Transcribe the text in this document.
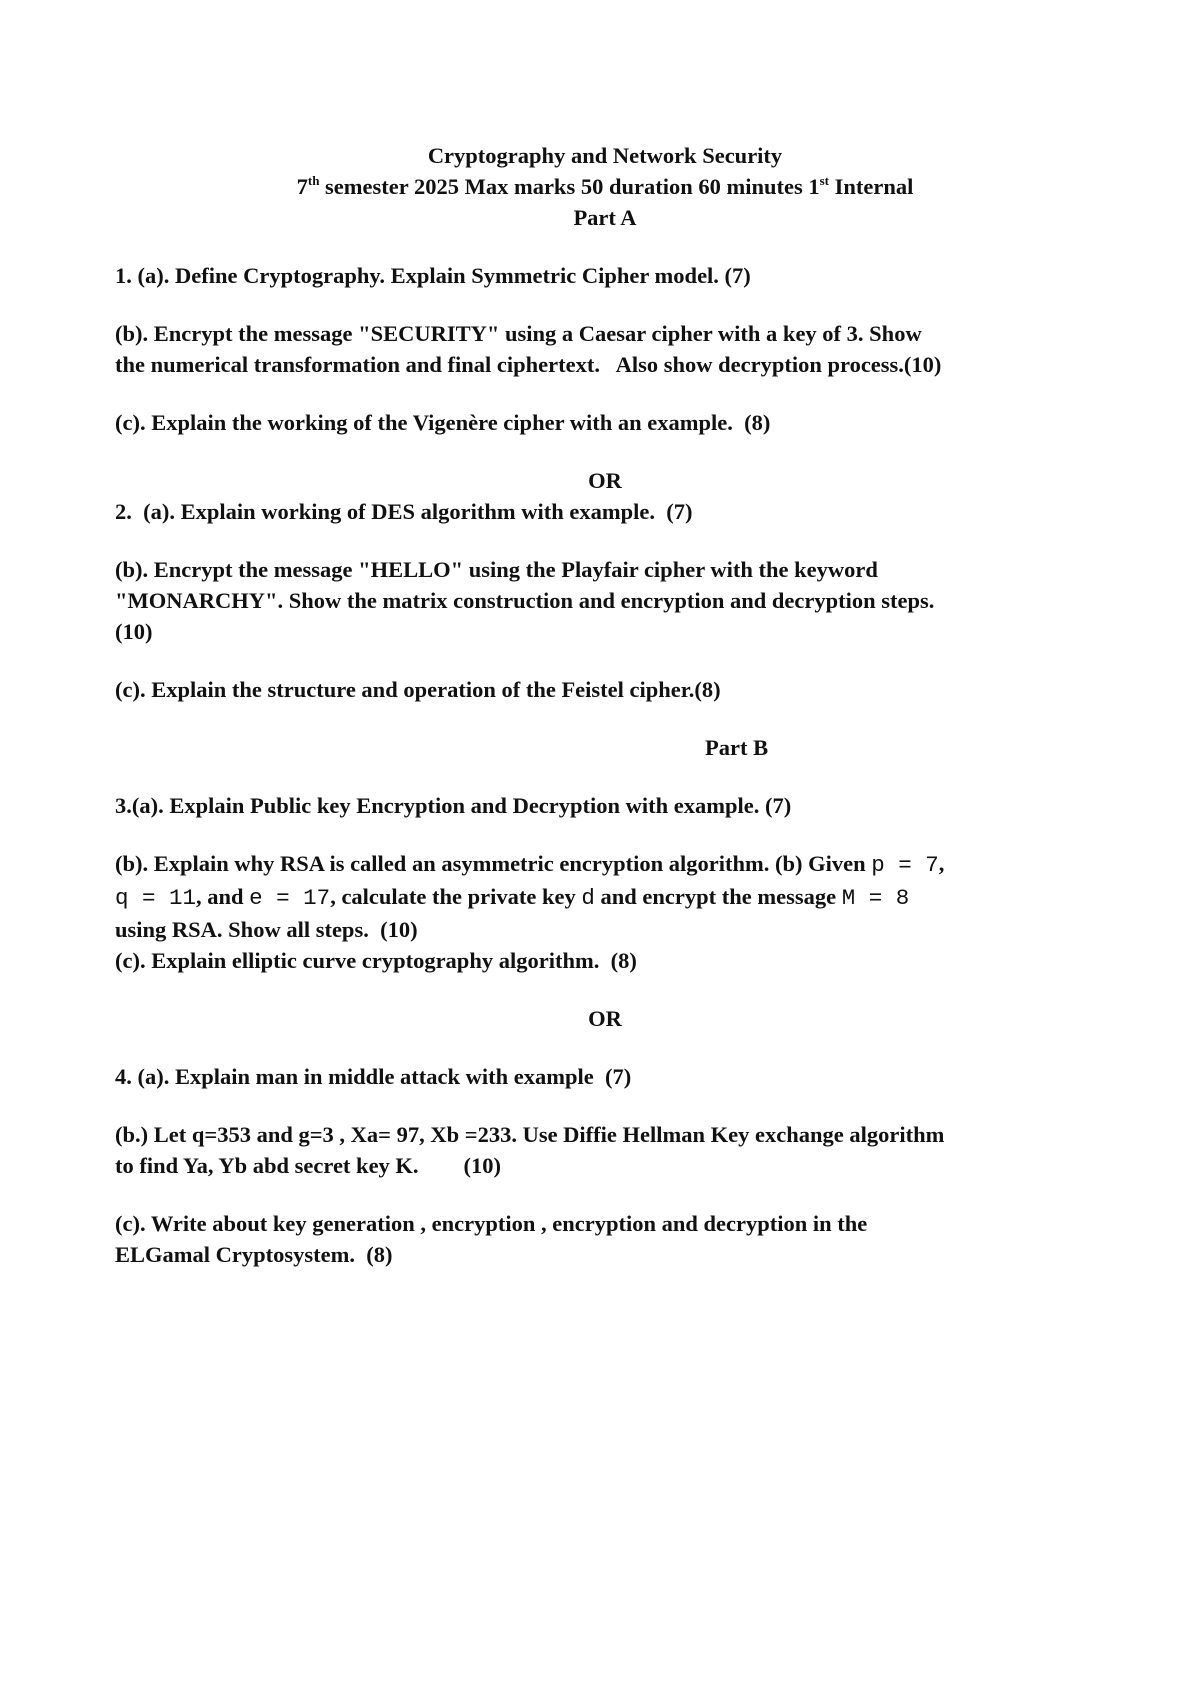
Cryptography and Network Security
7th semester 2025 Max marks 50 duration 60 minutes 1st Internal
Part A
1. (a). Define Cryptography. Explain Symmetric Cipher model. (7)
(b). Encrypt the message "SECURITY" using a Caesar cipher with a key of 3. Show
the numerical transformation and final ciphertext.   Also show decryption process.(10)
(c). Explain the working of the Vigenère cipher with an example.  (8)
OR
2.  (a). Explain working of DES algorithm with example.  (7)
(b). Encrypt the message "HELLO" using the Playfair cipher with the keyword
"MONARCHY". Show the matrix construction and encryption and decryption steps.
(10)
(c). Explain the structure and operation of the Feistel cipher.(8)
Part B
3.(a). Explain Public key Encryption and Decryption with example. (7)
(b). Explain why RSA is called an asymmetric encryption algorithm. (b) Given p = 7,
q = 11, and e = 17, calculate the private key d and encrypt the message M = 8
using RSA. Show all steps.  (10)
(c). Explain elliptic curve cryptography algorithm.  (8)
OR
4. (a). Explain man in middle attack with example  (7)
(b.) Let q=353 and g=3 , Xa= 97, Xb =233. Use Diffie Hellman Key exchange algorithm
to find Ya, Yb abd secret key K.        (10)
(c). Write about key generation , encryption , encryption and decryption in the
ELGamal Cryptosystem.  (8)
